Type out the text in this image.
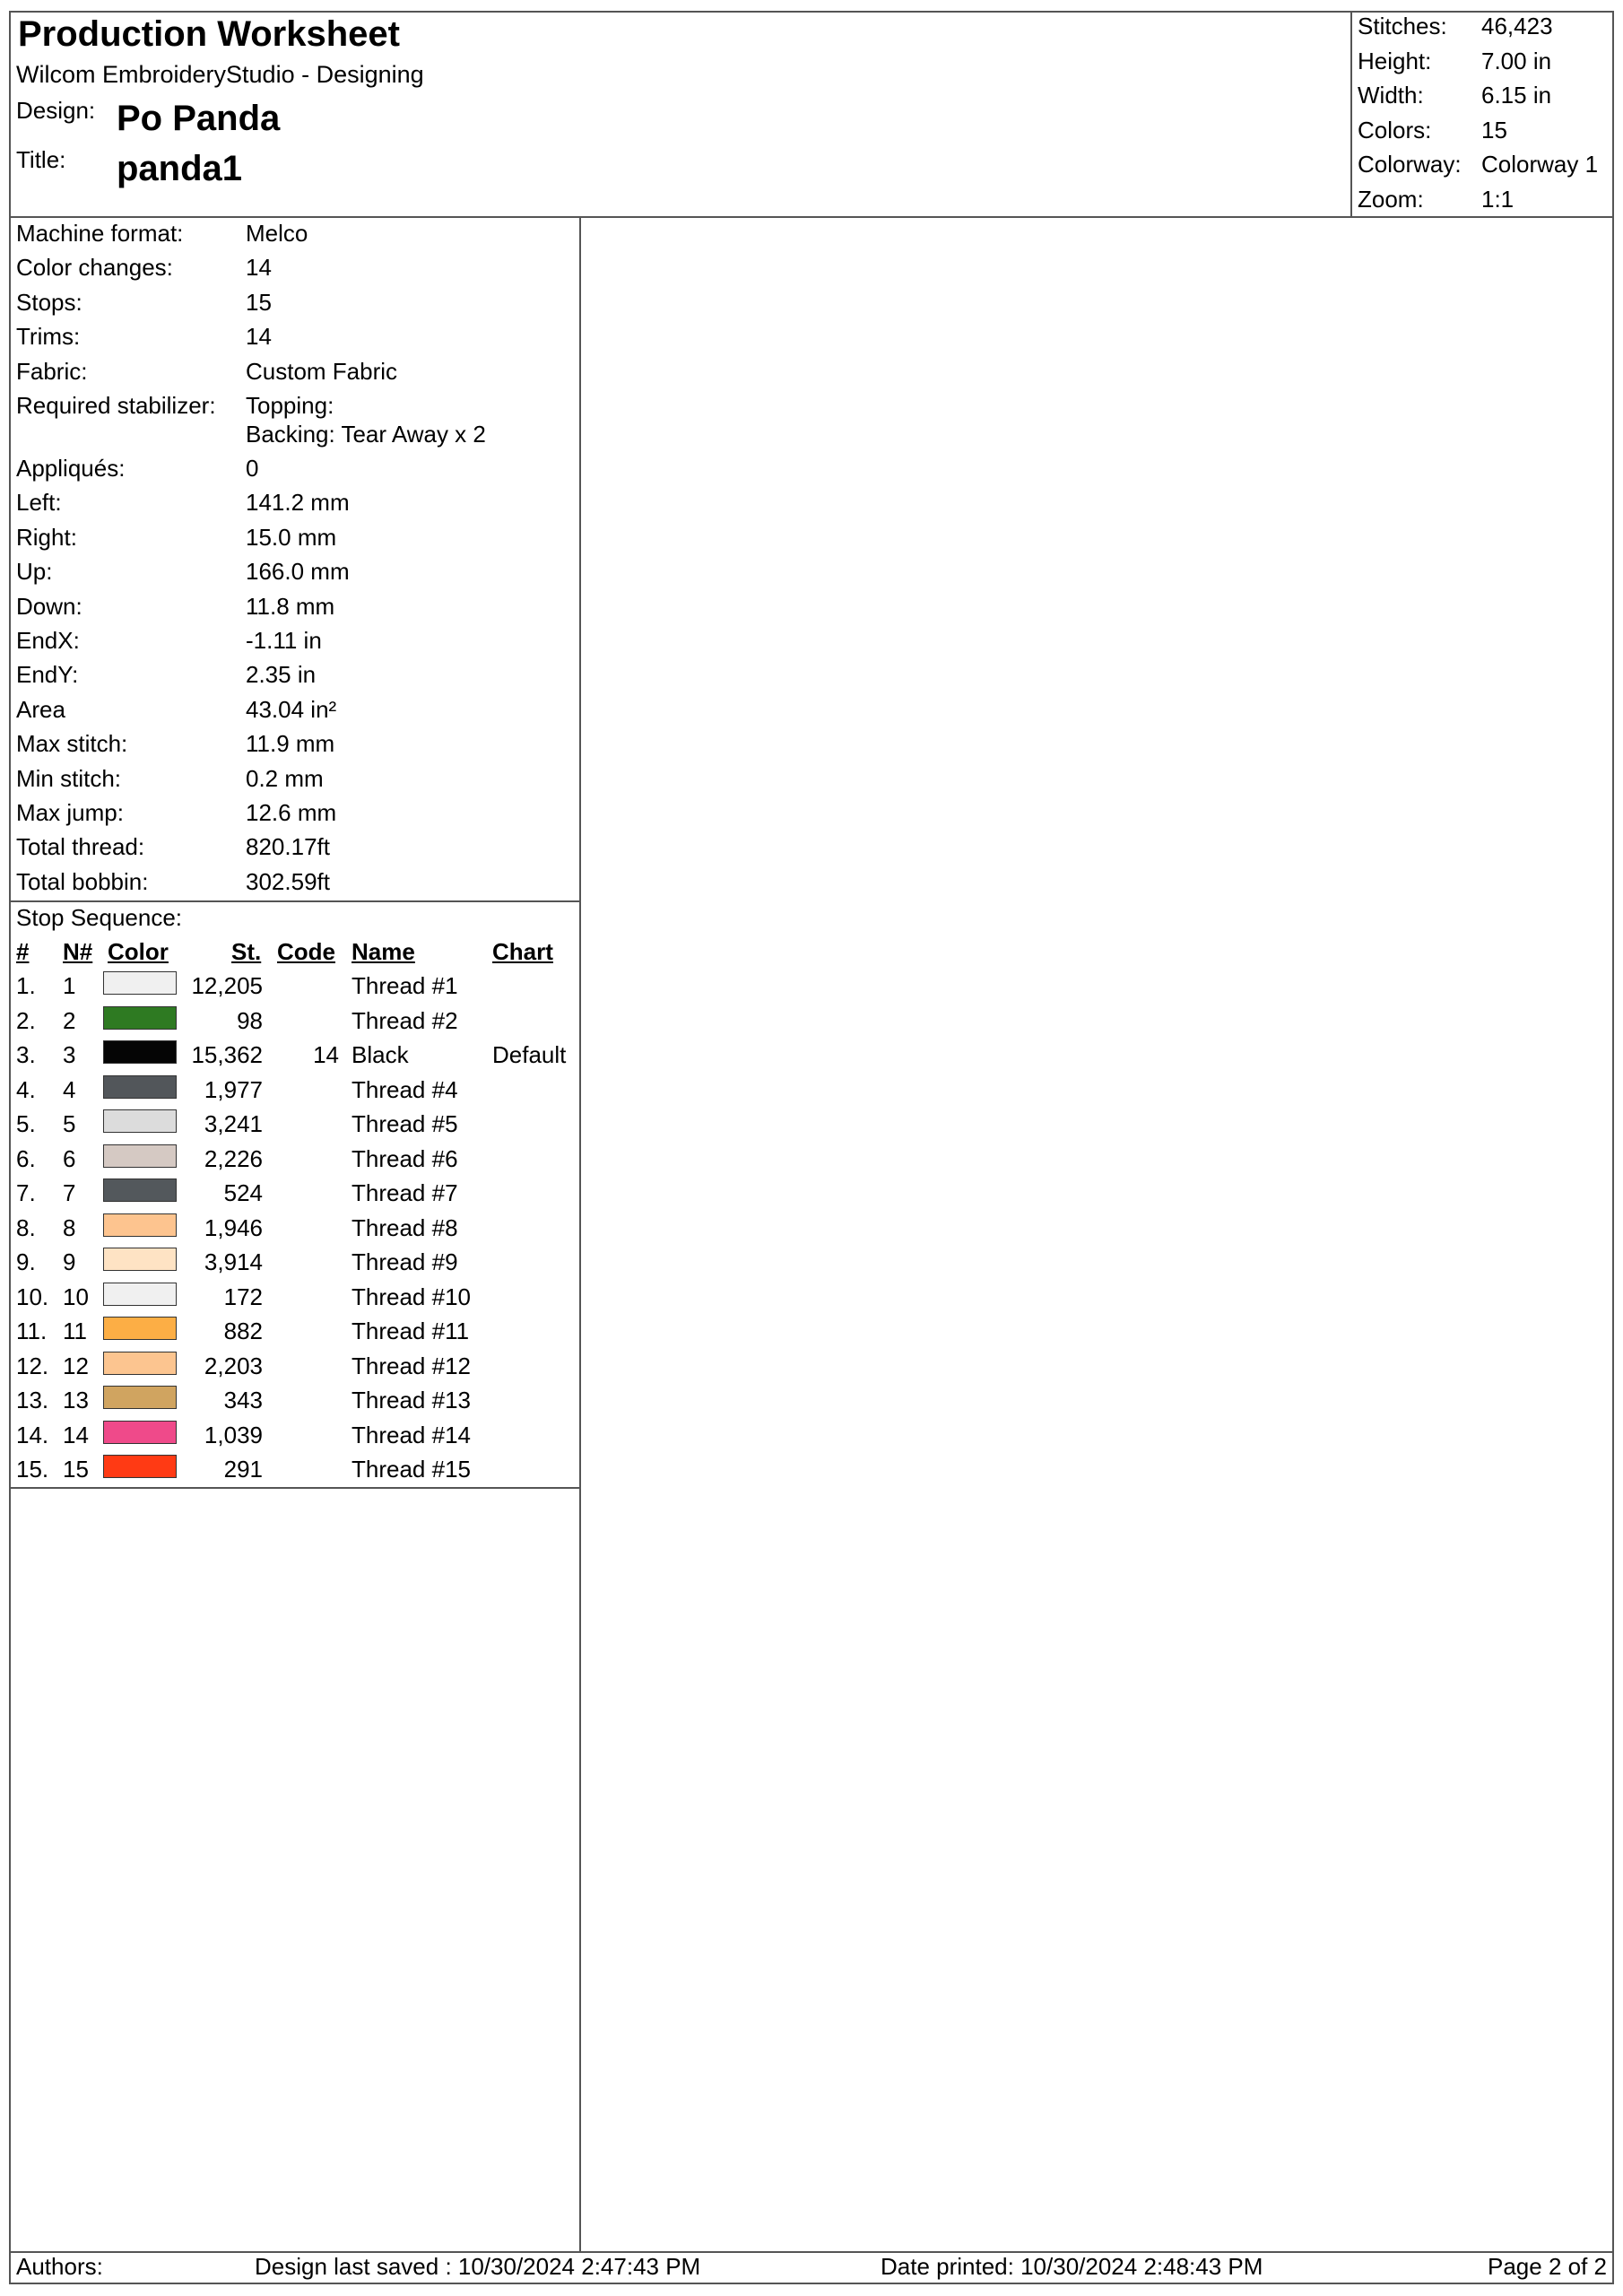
Production Worksheet
Wilcom EmbroideryStudio - Designing
Design: Po Panda
Title: panda1
Stitches: 46,423
Height: 7.00 in
Width: 6.15 in
Colors: 15
Colorway: Colorway 1
Zoom: 1:1
Machine format:	Melco
Color changes:	14
Stops:	15
Trims:	14
Fabric:	Custom Fabric
Required stabilizer: Topping:
Backing: Tear Away x 2
Appliqués:	0
Left:	141.2 mm
Right:	15.0 mm
Up:	166.0 mm
Down:	11.8 mm
EndX:	-1.11 in
EndY:	2.35 in
Area	43.04 in²
Max stitch:	11.9 mm
Min stitch:	0.2 mm
Max jump:	12.6 mm
Total thread:	820.17ft
Total bobbin:	302.59ft
Stop Sequence:
# N# Color	St. Code Name	Chart
1. 1	12,205	Thread #1
2. 2	98	Thread #2
3. 3	15,362 14 Black	Default
4. 4	1,977	Thread #4
5. 5	3,241	Thread #5
6. 6	2,226	Thread #6
7. 7	524	Thread #7
8. 8	1,946	Thread #8
9. 9	3,914	Thread #9
10. 10	172	Thread #10
11. 11	882	Thread #11
12. 12	2,203	Thread #12
13. 13	343	Thread #13
14. 14	1,039	Thread #14
15. 15	291	Thread #15
Authors:	Design last saved : 10/30/2024 2:47:43 PM	Date printed: 10/30/2024 2:48:43 PM	Page 2 of 2
